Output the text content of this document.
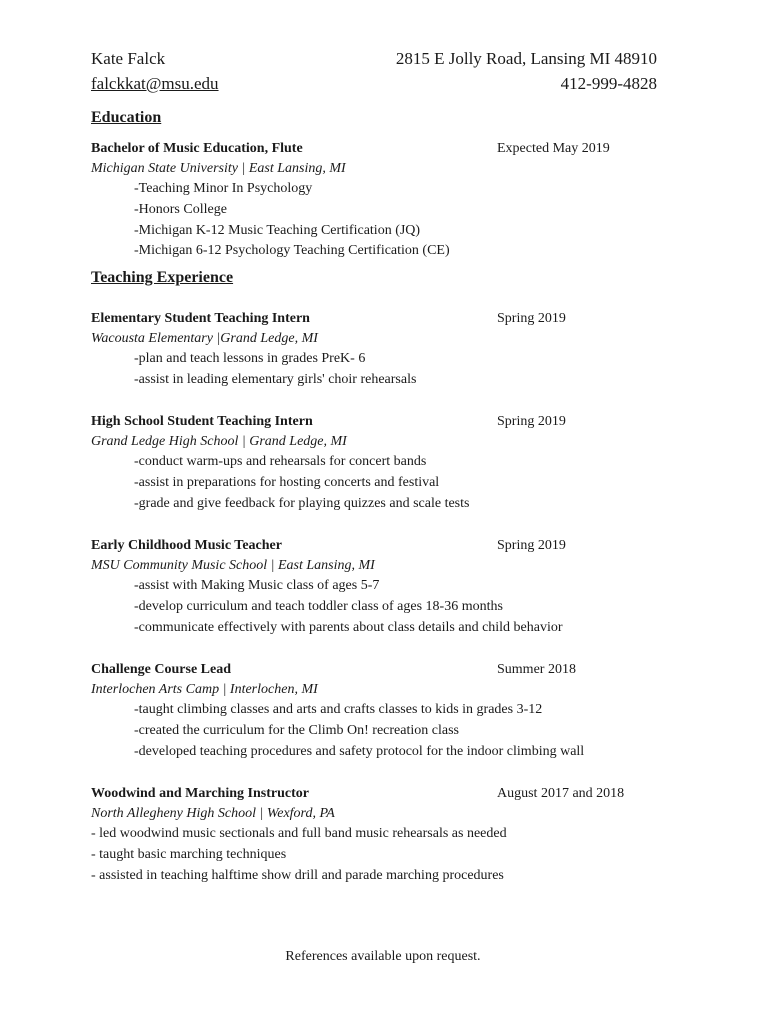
Kate Falck	2815 E Jolly Road, Lansing MI 48910
falckkat@msu.edu	412-999-4828
Education
Bachelor of Music Education, Flute	Expected May 2019
Michigan State University | East Lansing, MI
-Teaching Minor In Psychology
-Honors College
-Michigan K-12 Music Teaching Certification (JQ)
-Michigan 6-12 Psychology Teaching Certification (CE)
Teaching Experience
Elementary Student Teaching Intern	Spring 2019
Wacousta Elementary |Grand Ledge, MI
-plan and teach lessons in grades PreK- 6
-assist in leading elementary girls' choir rehearsals
High School Student Teaching Intern	Spring 2019
Grand Ledge High School | Grand Ledge, MI
-conduct warm-ups and rehearsals for concert bands
-assist in preparations for hosting concerts and festival
-grade and give feedback for playing quizzes and scale tests
Early Childhood Music Teacher	Spring 2019
MSU Community Music School | East Lansing, MI
-assist with Making Music class of ages 5-7
-develop curriculum and teach toddler class of ages 18-36 months
-communicate effectively with parents about class details and child behavior
Challenge Course Lead	Summer 2018
Interlochen Arts Camp | Interlochen, MI
-taught climbing classes and arts and crafts classes to kids in grades 3-12
-created the curriculum for the Climb On! recreation class
-developed teaching procedures and safety protocol for the indoor climbing wall
Woodwind and Marching Instructor	August 2017 and 2018
North Allegheny High School | Wexford, PA
- led woodwind music sectionals and full band music rehearsals as needed
- taught basic marching techniques
- assisted in teaching halftime show drill and parade marching procedures
References available upon request.
